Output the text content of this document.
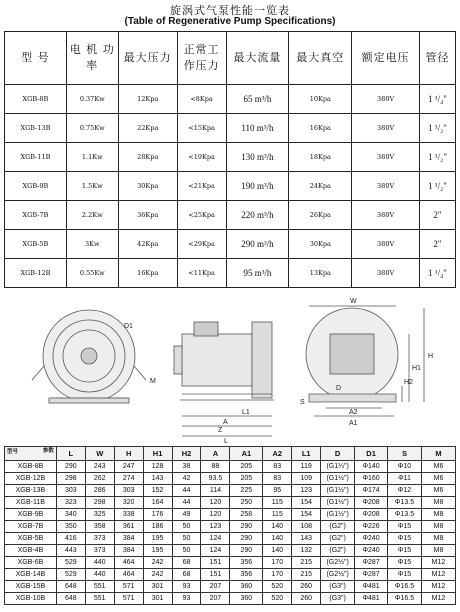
旋涡式气泵性能一览表
(Table of Regenerative Pump Specifications)
型 号	电 机 功 率	最大压力	正常工 作压力	最大流量	最大真空	额定电压	管径
XGB-8B	0.37Kw	12Kpa	<8Kpa	65 m³/h	10Kpa	380V	1 ¹/₄"
XGB-13B	0.75Kw	22Kpa	<15Kpa	110 m³/h	16Kpa	380V	1 ¹/₂"
XGB-11B	1.1Kw	28Kpa	<19Kpa	130 m³/h	18Kpa	380V	1 ¹/₂"
XGB-9B	1.5Kw	30Kpa	<21Kpa	190 m³/h	24Kpa	380V	1 ¹/₂"
XGB-7B	2.2Kw	36Kpa	<25Kpa	220 m³/h	26Kpa	380V	2"
XGB-5B	3Kw	42Kpa	<29Kpa	290 m³/h	30Kpa	380V	2"
XGB-12B	0.55Kw	16Kpa	<11Kpa	95 m³/h	13Kpa	380V	1 ¹/₄"
D1
M
L
L1
A
Z
W
H
H1
H2
S
D
A2
A1
型号 参数	L	W	H	H1	H2	A	A1	A2	L1	D	D1	S	M
XGB-8B	290	243	247	128	38	88	205	83	119	(G1¼")	Φ140	Φ10	M6
XGB-12B	298	262	274	143	42	93.5	205	83	109	(G1½")	Φ160	Φ11	M6
XGB-13B	303	286	303	152	44	114	225	95	123	(G1½")	Φ174	Φ12	M6
XGB-11B	323	298	320	164	44	120	250	115	154	(G1½")	Φ208	Φ13.5	M8
XGB-9B	340	325	338	176	49	120	258	115	154	(G1½")	Φ208	Φ13.5	M8
XGB-7B	350	358	361	186	50	123	290	140	108	(G2")	Φ226	Φ15	M8
XGB-5B	416	373	384	195	50	124	290	140	143	(G2")	Φ240	Φ15	M8
XGB-4B	443	373	384	195	50	124	290	140	132	(G2")	Φ240	Φ15	M8
XGB-6B	529	440	464	242	68	151	356	170	215	(G2½")	Φ287	Φ15	M12
XGB-14B	529	440	464	242	68	151	356	170	215	(G2½")	Φ287	Φ15	M12
XGB-15B	648	551	571	301	93	207	360	520	260	(G3")	Φ481	Φ16.5	M12
XGB-10B	648	551	571	301	93	207	360	520	260	(G3")	Φ481	Φ16.5	M12
